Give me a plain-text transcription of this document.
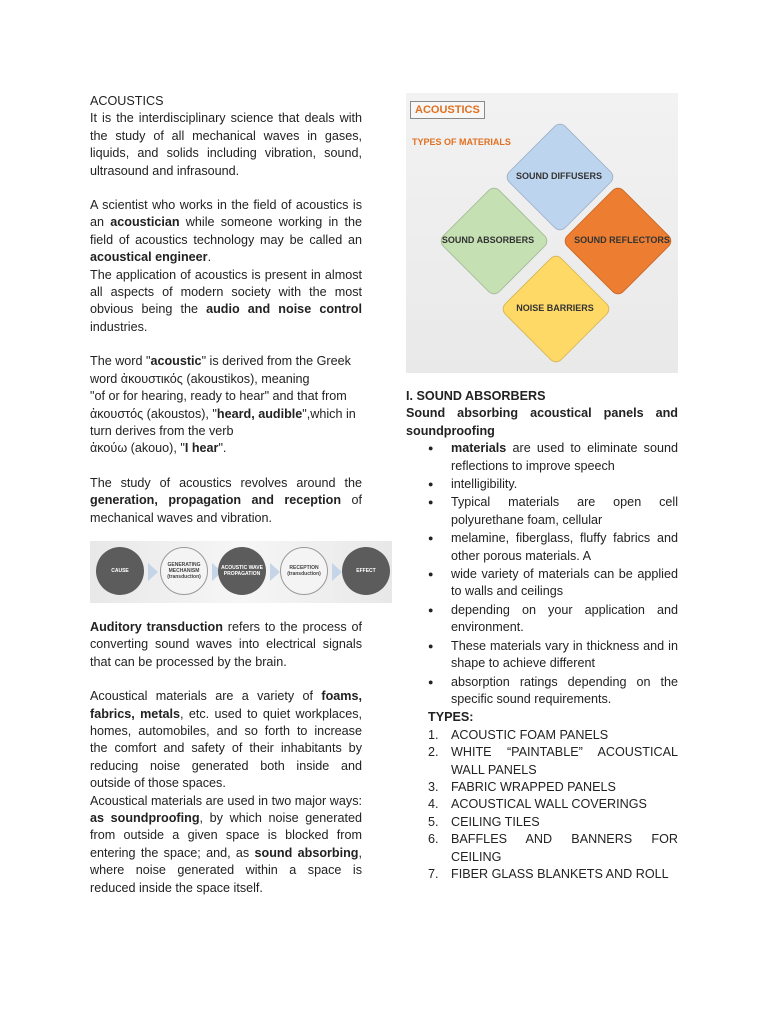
ACOUSTICS

It is the interdisciplinary science that deals with the study of all mechanical waves in gases, liquids, and solids including vibration, sound, ultrasound and infrasound.

A scientist who works in the field of acoustics is an acoustician while someone working in the field of acoustics technology may be called an acoustical engineer.

The application of acoustics is present in almost all aspects of modern society with the most obvious being the audio and noise control industries.

The word "acoustic" is derived from the Greek word ἀκουστικός (akoustikos), meaning
"of or for hearing, ready to hear" and that from ἀκουστός (akoustos), "heard, audible",which in turn derives from the verb
ἀκούω (akouo), "I hear".

The study of acoustics revolves around the generation, propagation and reception of mechanical waves and vibration.

CAUSE
GENERATING MECHANISM (transduction)
ACOUSTIC WAVE PROPAGATION
RECEPTION (transduction)	EFFECT

Auditory transduction refers to the process of converting sound waves into electrical signals that can be processed by the brain.

Acoustical materials are a variety of foams, fabrics, metals, etc. used to quiet workplaces, homes, automobiles, and so forth to increase the comfort and safety of their inhabitants by reducing noise generated both inside and outside of those spaces.

Acoustical materials are used in two major ways: as soundproofing, by which noise generated from outside a given space is blocked from entering the space; and, as sound absorbing, where noise generated within a space is reduced inside the space itself.

ACOUSTICS
TYPES OF MATERIALS
SOUND DIFFUSERS
SOUND ABSORBERS	SOUND REFLECTORS
NOISE BARRIERS

I. SOUND ABSORBERS

Sound absorbing acoustical panels and soundproofing

● materials are used to eliminate sound reflections to improve speech
● intelligibility.
● Typical materials are open cell polyurethane foam, cellular
● melamine, fiberglass, fluffy fabrics and other porous materials. A
● wide variety of materials can be applied to walls and ceilings
● depending on your application and environment.
● These materials vary in thickness and in shape to achieve different
● absorption ratings depending on the specific sound requirements.

TYPES:

1. ACOUSTIC FOAM PANELS
2. WHITE “PAINTABLE” ACOUSTICAL WALL PANELS
3. FABRIC WRAPPED PANELS
4. ACOUSTICAL WALL COVERINGS
5. CEILING TILES
6. BAFFLES AND BANNERS FOR CEILING
7. FIBER GLASS BLANKETS AND ROLL
